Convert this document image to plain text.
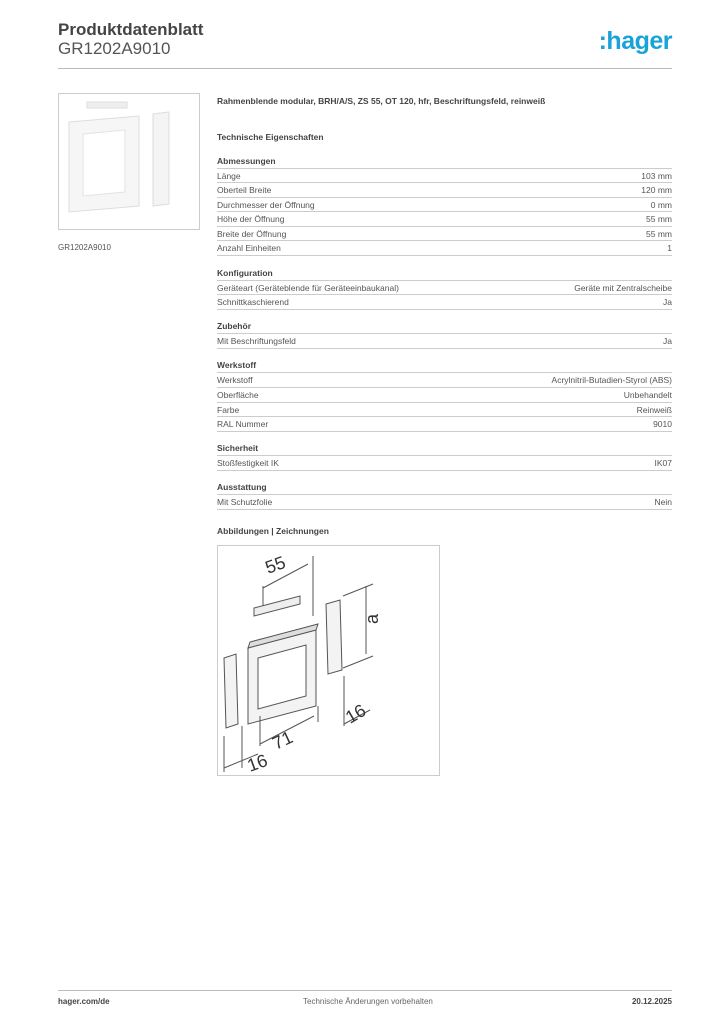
Produktdatenblatt
GR1202A9010	:hager
GR1202A9010
Rahmenblende modular, BRH/A/S, ZS 55, OT 120, hfr, Beschriftungsfeld, reinweiß
Technische Eigenschaften
Abmessungen
Länge	103 mm
Oberteil Breite	120 mm
Durchmesser der Öffnung	0 mm
Höhe der Öffnung	55 mm
Breite der Öffnung	55 mm
Anzahl Einheiten	1
Konfiguration
Geräteart (Geräteblende für Geräteeinbaukanal)	Geräte mit Zentralscheibe
Schnittkaschierend	Ja
Zubehör
Mit Beschriftungsfeld	Ja
Werkstoff
Werkstoff	Acrylnitril-Butadien-Styrol (ABS)
Oberfläche	Unbehandelt
Farbe	Reinweiß
RAL Nummer	9010
Sicherheit
Stoßfestigkeit IK	IK07
Ausstattung
Mit Schutzfolie	Nein
Abbildungen | Zeichnungen
55
a
16
71
16
hager.com/de	Technische Änderungen vorbehalten	20.12.2025
